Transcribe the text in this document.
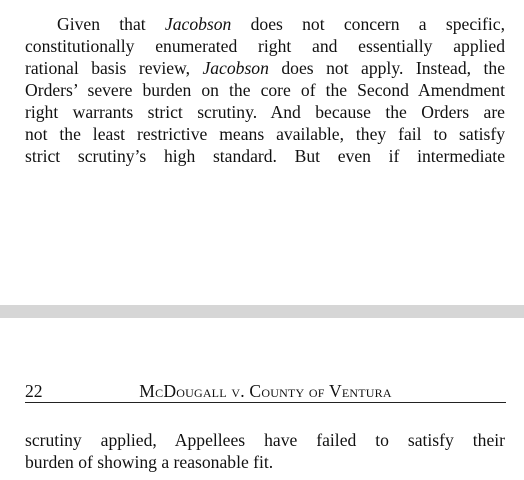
Given that Jacobson does not concern a specific,
constitutionally enumerated right and essentially applied
rational basis review, Jacobson does not apply. Instead, the
Orders’ severe burden on the core of the Second Amendment
right warrants strict scrutiny. And because the Orders are
not the least restrictive means available, they fail to satisfy
strict scrutiny’s high standard. But even if intermediate

22	McDougall v. County of Ventura

scrutiny applied, Appellees have failed to satisfy their
burden of showing a reasonable fit.
